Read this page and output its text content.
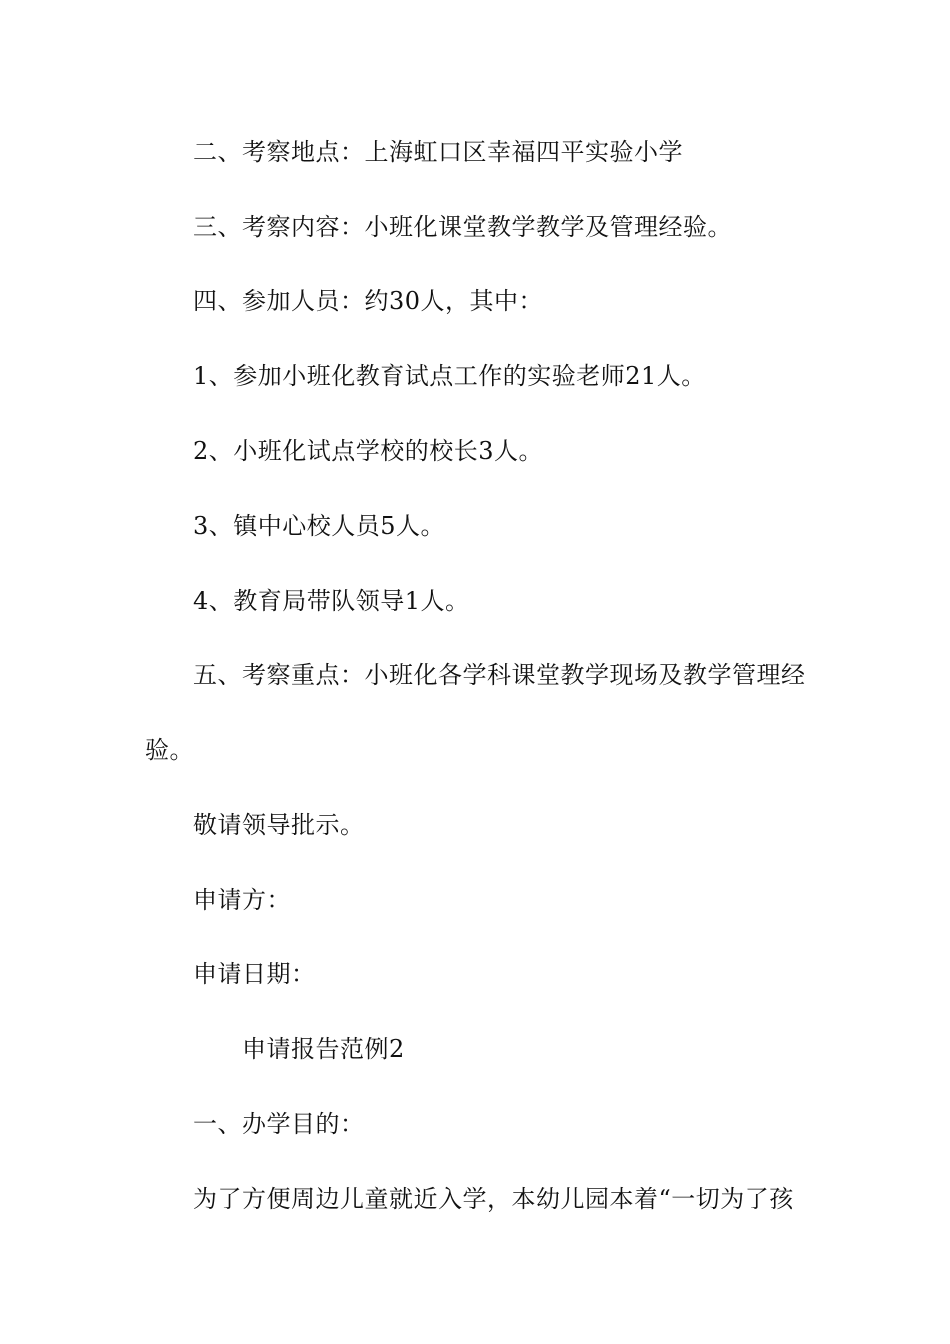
二、考察地点：上海虹口区幸福四平实验小学
三、考察内容：小班化课堂教学教学及管理经验。
四、参加人员：约30人，其中：
1、参加小班化教育试点工作的实验老师21人。
2、小班化试点学校的校长3人。
3、镇中心校人员5人。
4、教育局带队领导1人。
五、考察重点：小班化各学科课堂教学现场及教学管理经
验。
敬请领导批示。
申请方：
申请日期：
申请报告范例2
一、办学目的：
为了方便周边儿童就近入学，本幼儿园本着“一切为了孩
